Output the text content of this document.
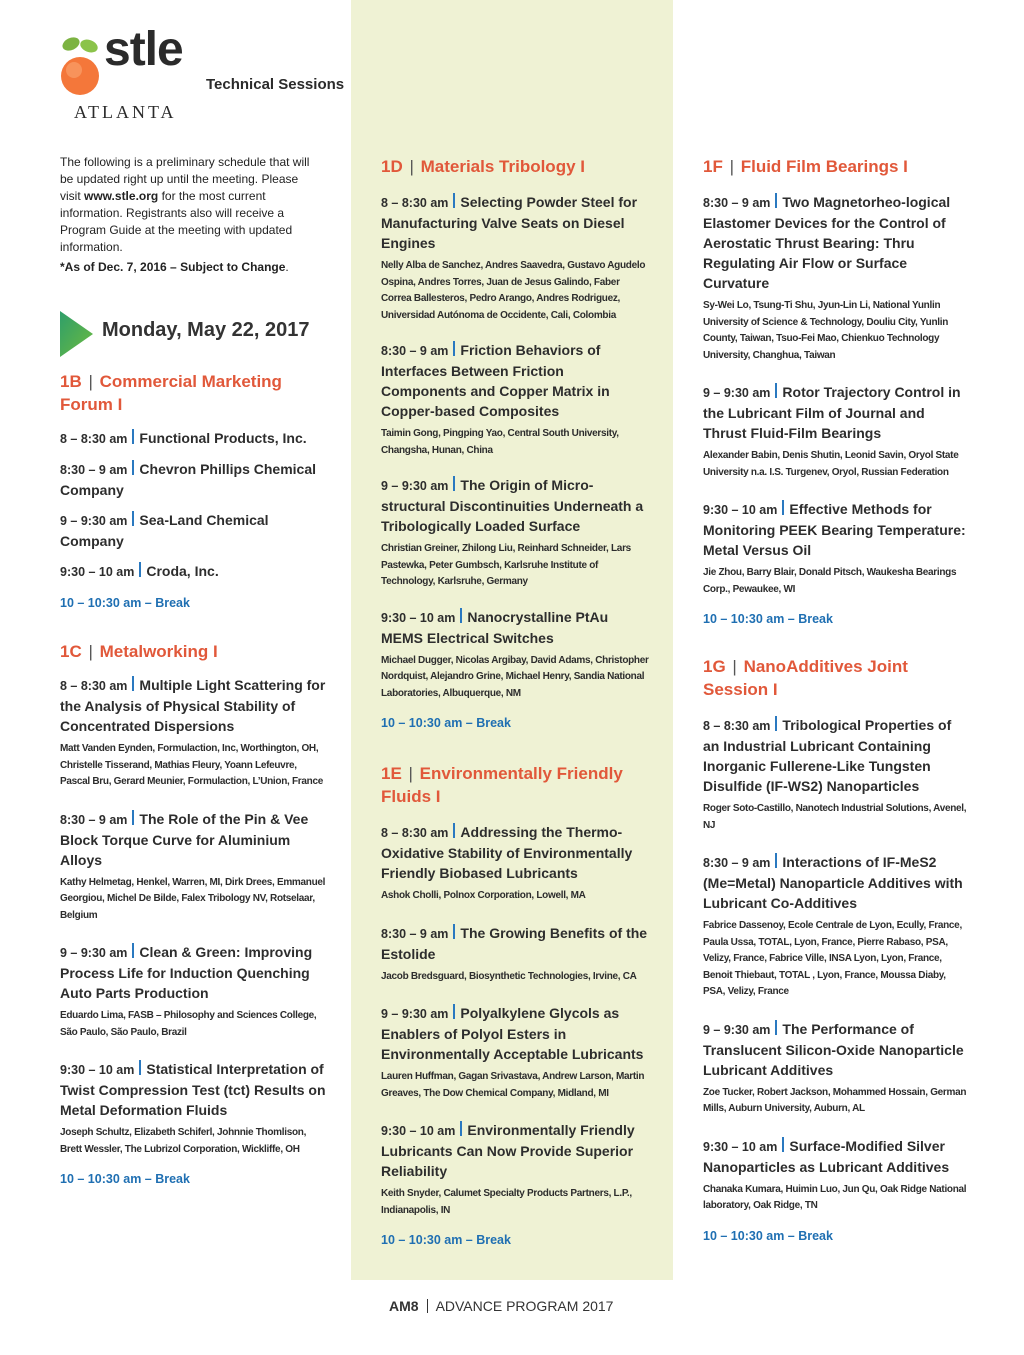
stle
Technical Sessions
ATLANTA
The following is a preliminary schedule that will be updated right up until the meeting. Please visit www.stle.org for the most current information. Registrants also will receive a Program Guide at the meeting with updated information.
*As of Dec. 7, 2016 – Subject to Change.
Monday, May 22, 2017
1B | Commercial Marketing Forum I
8 – 8:30 am Functional Products, Inc.
8:30 – 9 am Chevron Phillips Chemical Company
9 – 9:30 am Sea-Land Chemical Company
9:30 – 10 am Croda, Inc.
10 – 10:30 am – Break
1C | Metalworking I
8 – 8:30 am Multiple Light Scattering for the Analysis of Physical Stability of Concentrated Dispersions
Matt Vanden Eynden, Formulaction, Inc, Worthington, OH, Christelle Tisserand, Mathias Fleury, Yoann Lefeuvre, Pascal Bru, Gerard Meunier, Formulaction, L’Union, France
8:30 – 9 am The Role of the Pin & Vee Block Torque Curve for Aluminium Alloys
Kathy Helmetag, Henkel, Warren, MI, Dirk Drees, Emmanuel Georgiou, Michel De Bilde, Falex Tribology NV, Rotselaar, Belgium
9 – 9:30 am Clean & Green: Improving Process Life for Induction Quenching Auto Parts Production
Eduardo Lima, FASB – Philosophy and Sciences College, São Paulo, São Paulo, Brazil
9:30 – 10 am Statistical Interpretation of Twist Compression Test (tct) Results on Metal Deformation Fluids
Joseph Schultz, Elizabeth Schiferl, Johnnie Thomlison, Brett Wessler, The Lubrizol Corporation, Wickliffe, OH
10 – 10:30 am – Break
1D | Materials Tribology I
8 – 8:30 am Selecting Powder Steel for Manufacturing Valve Seats on Diesel Engines
Nelly Alba de Sanchez, Andres Saavedra, Gustavo Agudelo Ospina, Andres Torres, Juan de Jesus Galindo, Faber Correa Ballesteros, Pedro Arango, Andres Rodriguez, Universidad Autónoma de Occidente, Cali, Colombia
8:30 – 9 am Friction Behaviors of Interfaces Between Friction Components and Copper Matrix in Copper-based Composites
Taimin Gong, Pingping Yao, Central South University, Changsha, Hunan, China
9 – 9:30 am The Origin of Micro-structural Discontinuities Underneath a Tribologically Loaded Surface
Christian Greiner, Zhilong Liu, Reinhard Schneider, Lars Pastewka, Peter Gumbsch, Karlsruhe Institute of Technology, Karlsruhe, Germany
9:30 – 10 am Nanocrystalline PtAu MEMS Electrical Switches
Michael Dugger, Nicolas Argibay, David Adams, Christopher Nordquist, Alejandro Grine, Michael Henry, Sandia National Laboratories, Albuquerque, NM
10 – 10:30 am – Break
1E | Environmentally Friendly Fluids I
8 – 8:30 am Addressing the Thermo-Oxidative Stability of Environmentally Friendly Biobased Lubricants
Ashok Cholli, Polnox Corporation, Lowell, MA
8:30 – 9 am The Growing Benefits of the Estolide
Jacob Bredsguard, Biosynthetic Technologies, Irvine, CA
9 – 9:30 am Polyalkylene Glycols as Enablers of Polyol Esters in Environmentally Acceptable Lubricants
Lauren Huffman, Gagan Srivastava, Andrew Larson, Martin Greaves, The Dow Chemical Company, Midland, MI
9:30 – 10 am Environmentally Friendly Lubricants Can Now Provide Superior Reliability
Keith Snyder, Calumet Specialty Products Partners, L.P., Indianapolis, IN
10 – 10:30 am – Break
1F | Fluid Film Bearings I
8:30 – 9 am Two Magnetorheo-logical Elastomer Devices for the Control of Aerostatic Thrust Bearing: Thru Regulating Air Flow or Surface Curvature
Sy-Wei Lo, Tsung-Ti Shu, Jyun-Lin Li, National Yunlin University of Science & Technology, Douliu City, Yunlin County, Taiwan, Tsuo-Fei Mao, Chienkuo Technology University, Changhua, Taiwan
9 – 9:30 am Rotor Trajectory Control in the Lubricant Film of Journal and Thrust Fluid-Film Bearings
Alexander Babin, Denis Shutin, Leonid Savin, Oryol State University n.a. I.S. Turgenev, Oryol, Russian Federation
9:30 – 10 am Effective Methods for Monitoring PEEK Bearing Temperature: Metal Versus Oil
Jie Zhou, Barry Blair, Donald Pitsch, Waukesha Bearings Corp., Pewaukee, WI
10 – 10:30 am – Break
1G | NanoAdditives Joint Session I
8 – 8:30 am Tribological Properties of an Industrial Lubricant Containing Inorganic Fullerene-Like Tungsten Disulfide (IF-WS2) Nanoparticles
Roger Soto-Castillo, Nanotech Industrial Solutions, Avenel, NJ
8:30 – 9 am Interactions of IF-MeS2 (Me=Metal) Nanoparticle Additives with Lubricant Co-Additives
Fabrice Dassenoy, Ecole Centrale de Lyon, Ecully, France, Paula Ussa, TOTAL, Lyon, France, Pierre Rabaso, PSA, Velizy, France, Fabrice Ville, INSA Lyon, Lyon, France, Benoit Thiebaut, TOTAL , Lyon, France, Moussa Diaby, PSA, Velizy, France
9 – 9:30 am The Performance of Translucent Silicon-Oxide Nanoparticle Lubricant Additives
Zoe Tucker, Robert Jackson, Mohammed Hossain, German Mills, Auburn University, Auburn, AL
9:30 – 10 am Surface-Modified Silver Nanoparticles as Lubricant Additives
Chanaka Kumara, Huimin Luo, Jun Qu, Oak Ridge National laboratory, Oak Ridge, TN
10 – 10:30 am – Break
AM8 ADVANCE PROGRAM 2017
